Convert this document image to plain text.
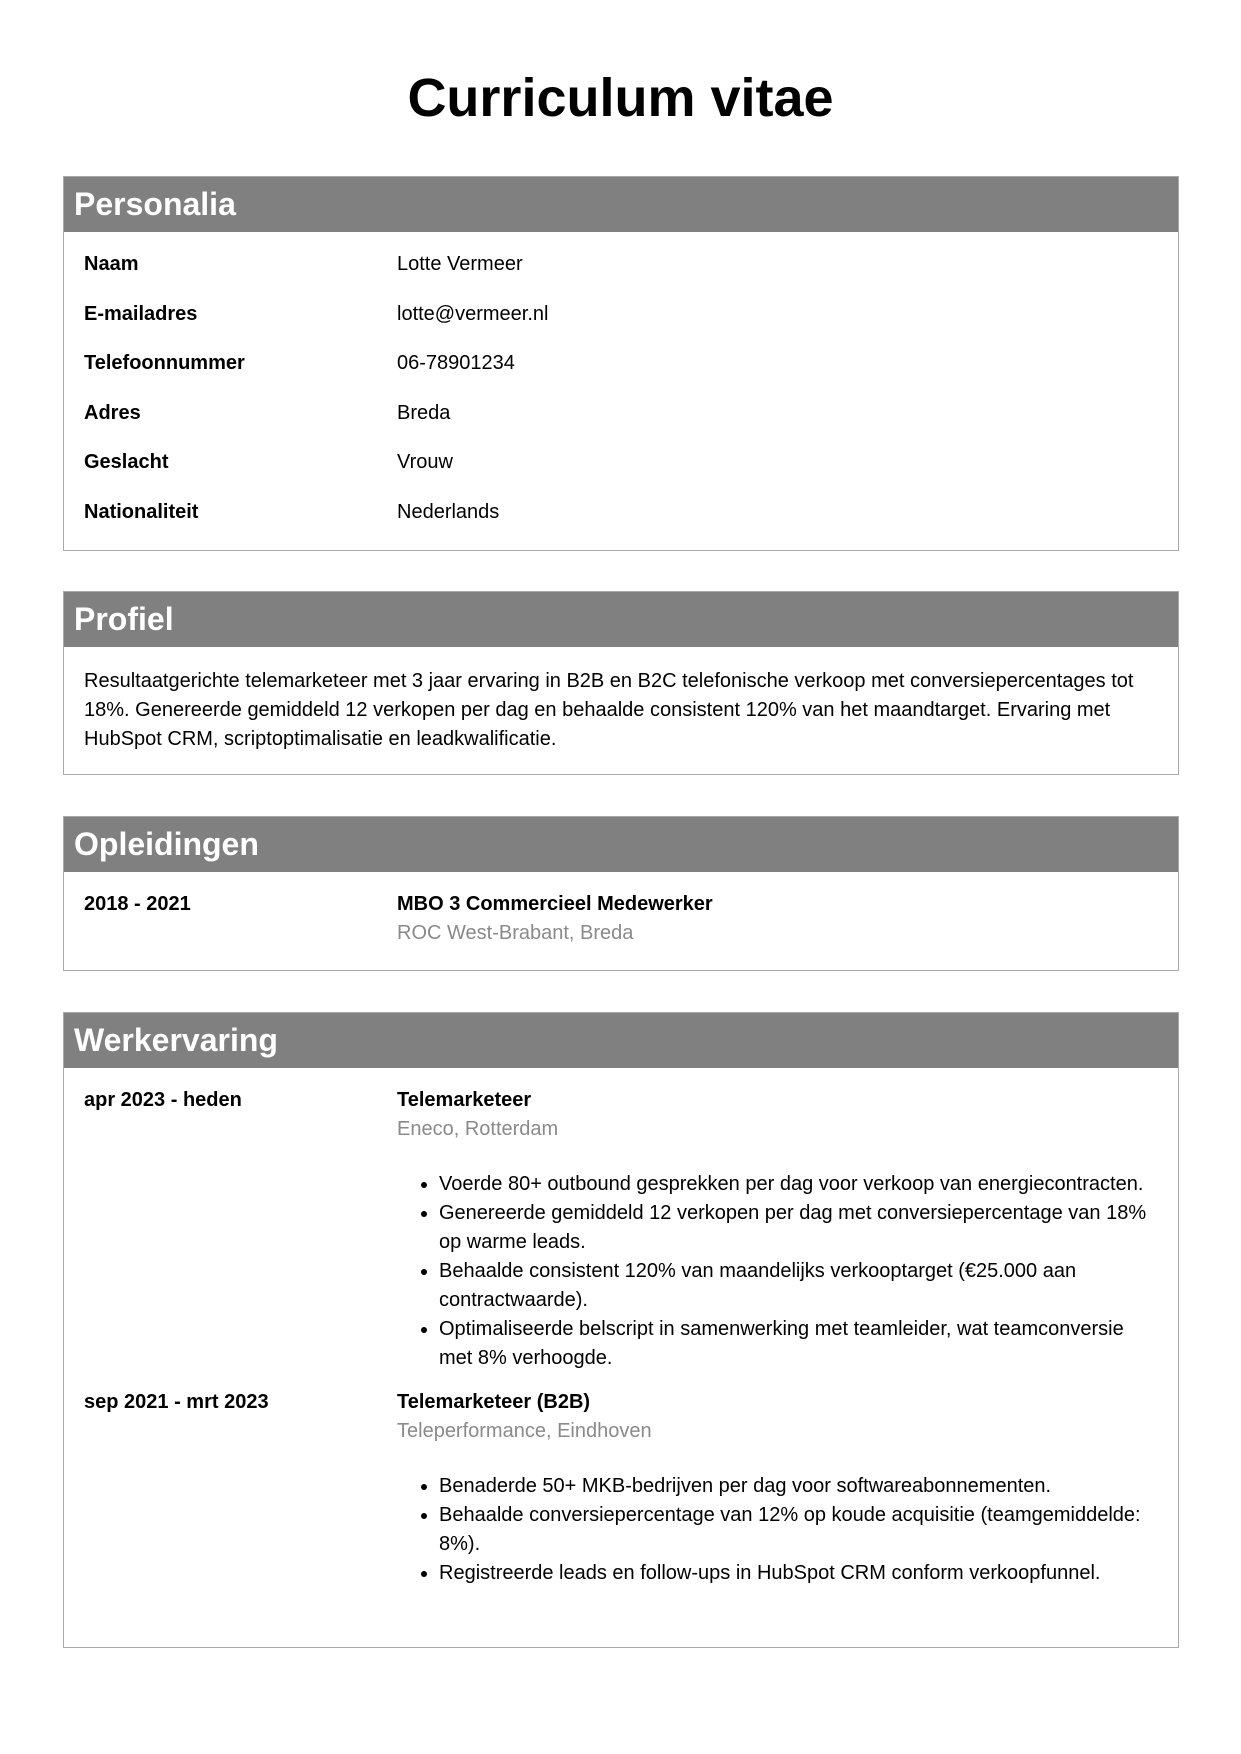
Curriculum vitae
Personalia
Naam	Lotte Vermeer
E-mailadres	lotte@vermeer.nl
Telefoonnummer	06-78901234
Adres	Breda
Geslacht	Vrouw
Nationaliteit	Nederlands
Profiel

Resultaatgerichte telemarketeer met 3 jaar ervaring in B2B en B2C telefonische verkoop met conversiepercentages tot 18%. Genereerde gemiddeld 12 verkopen per dag en behaalde consistent 120% van het maandtarget. Ervaring met HubSpot CRM, scriptoptimalisatie en leadkwalificatie.

Opleidingen
2018 - 2021	MBO 3 Commercieel Medewerker
ROC West-Brabant, Breda
Werkervaring
apr 2023 - heden	Telemarketeer
Eneco, Rotterdam
• Voerde 80+ outbound gesprekken per dag voor verkoop van energiecontracten.
• Genereerde gemiddeld 12 verkopen per dag met conversiepercentage van 18% op warme leads.
• Behaalde consistent 120% van maandelijks verkooptarget (€25.000 aan contractwaarde).
• Optimaliseerde belscript in samenwerking met teamleider, wat teamconversie met 8% verhoogde.
sep 2021 - mrt 2023	Telemarketeer (B2B)
Teleperformance, Eindhoven
• Benaderde 50+ MKB-bedrijven per dag voor softwareabonnementen.
• Behaalde conversiepercentage van 12% op koude acquisitie (teamgemiddelde: 8%).
• Registreerde leads en follow-ups in HubSpot CRM conform verkoopfunnel.
